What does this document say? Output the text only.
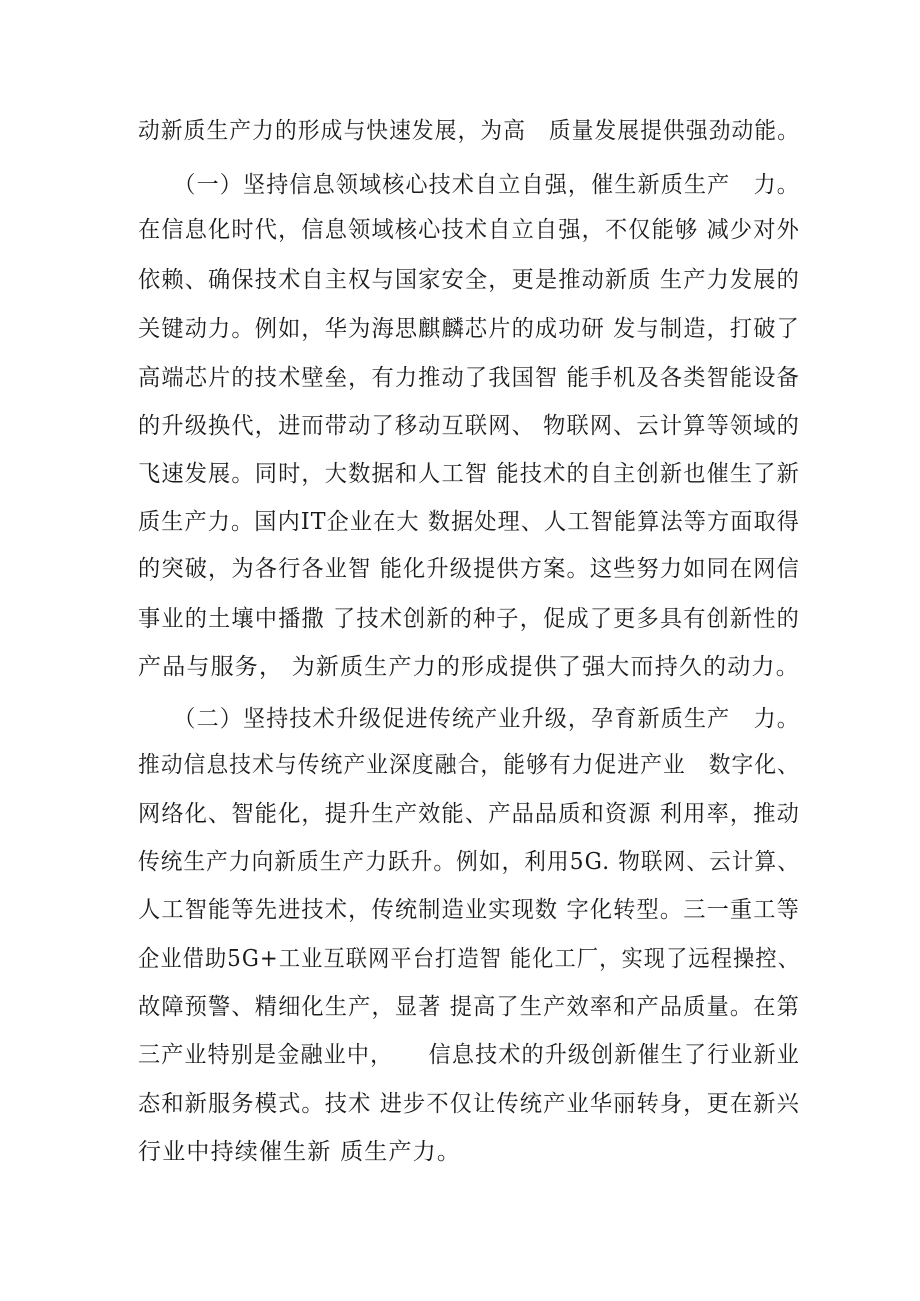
动新质生产力的形成与快速发展，为高　质量发展提供强劲动能。
　　（一）坚持信息领域核心技术自立自强，催生新质生产　力。
在信息化时代，信息领域核心技术自立自强，不仅能够 减少对外
依赖、确保技术自主权与国家安全，更是推动新质 生产力发展的
关键动力。例如，华为海思麒麟芯片的成功研 发与制造，打破了
高端芯片的技术壁垒，有力推动了我国智 能手机及各类智能设备
的升级换代，进而带动了移动互联网、 物联网、云计算等领域的
飞速发展。同时，大数据和人工智 能技术的自主创新也催生了新
质生产力。国内IT企业在大 数据处理、人工智能算法等方面取得
的突破，为各行各业智 能化升级提供方案。这些努力如同在网信
事业的土壤中播撒 了技术创新的种子，促成了更多具有创新性的
产品与服务， 为新质生产力的形成提供了强大而持久的动力。
　　（二）坚持技术升级促进传统产业升级，孕育新质生产　力。
推动信息技术与传统产业深度融合，能够有力促进产业　数字化、
网络化、智能化，提升生产效能、产品品质和资源 利用率，推动
传统生产力向新质生产力跃升。例如，利用5G. 物联网、云计算、
人工智能等先进技术，传统制造业实现数 字化转型。三一重工等
企业借助5G+工业互联网平台打造智 能化工厂，实现了远程操控、
故障预警、精细化生产，显著 提高了生产效率和产品质量。在第
三产业特别是金融业中，　　信息技术的升级创新催生了行业新业
态和新服务模式。技术 进步不仅让传统产业华丽转身，更在新兴
行业中持续催生新 质生产力。
